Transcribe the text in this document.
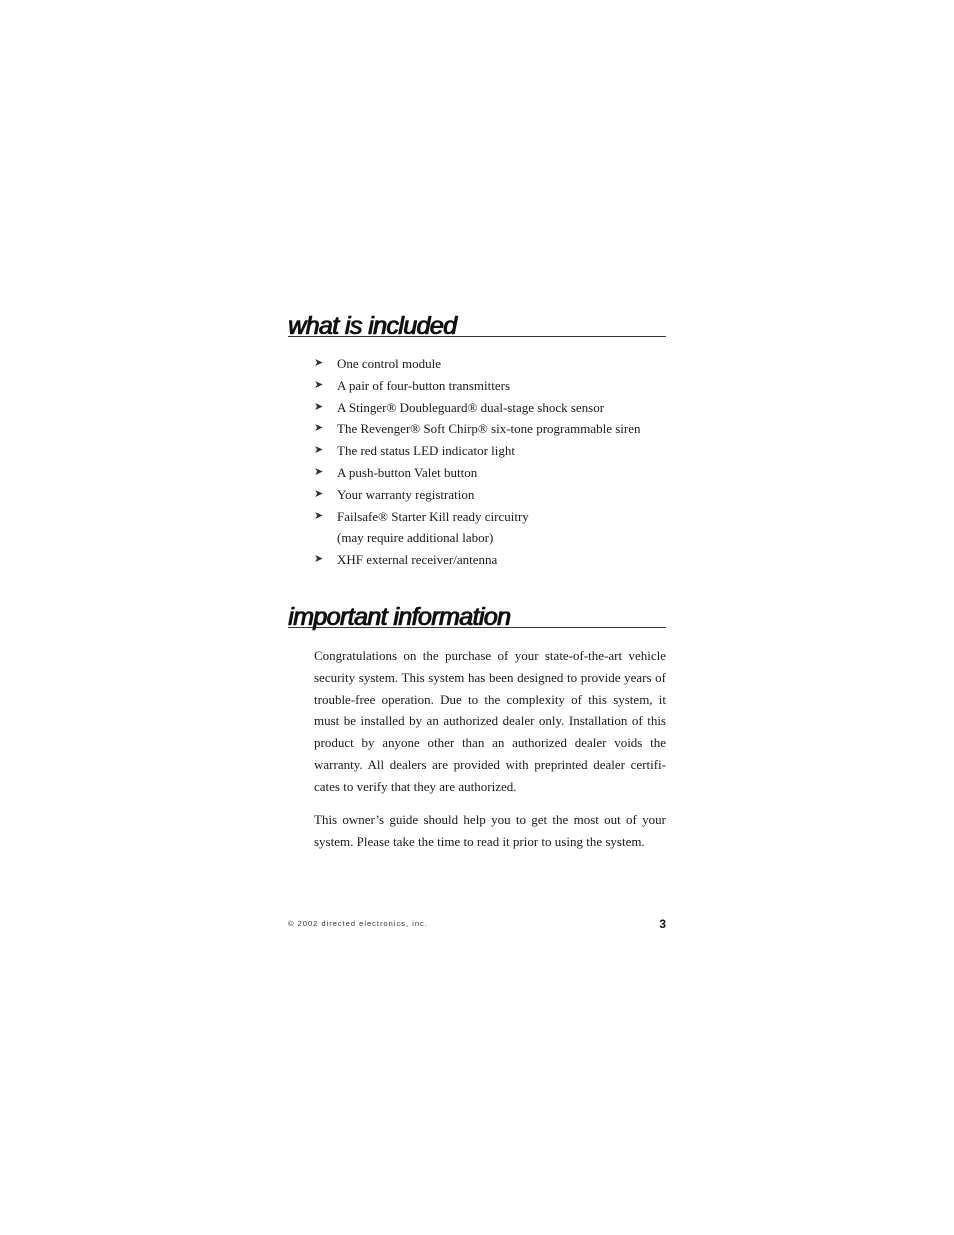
what is included
➤ One control module
➤ A pair of four-button transmitters
➤ A Stinger® Doubleguard® dual-stage shock sensor
➤ The Revenger® Soft Chirp® six-tone programmable siren
➤ The red status LED indicator light
➤ A push-button Valet button
➤ Your warranty registration
➤ Failsafe® Starter Kill ready circuitry
(may require additional labor)
➤ XHF external receiver/antenna
important information

Congratulations on the purchase of your state-of-the-art vehicle security system. This system has been designed to provide years of trouble-free operation. Due to the complexity of this system, it must be installed by an authorized dealer only. Installation of this product by anyone other than an authorized dealer voids the warranty. All dealers are provided with preprinted dealer certifi-cates to verify that they are authorized.

This owner’s guide should help you to get the most out of your system. Please take the time to read it prior to using the system.

© 2002 directed electronics, inc.	3
